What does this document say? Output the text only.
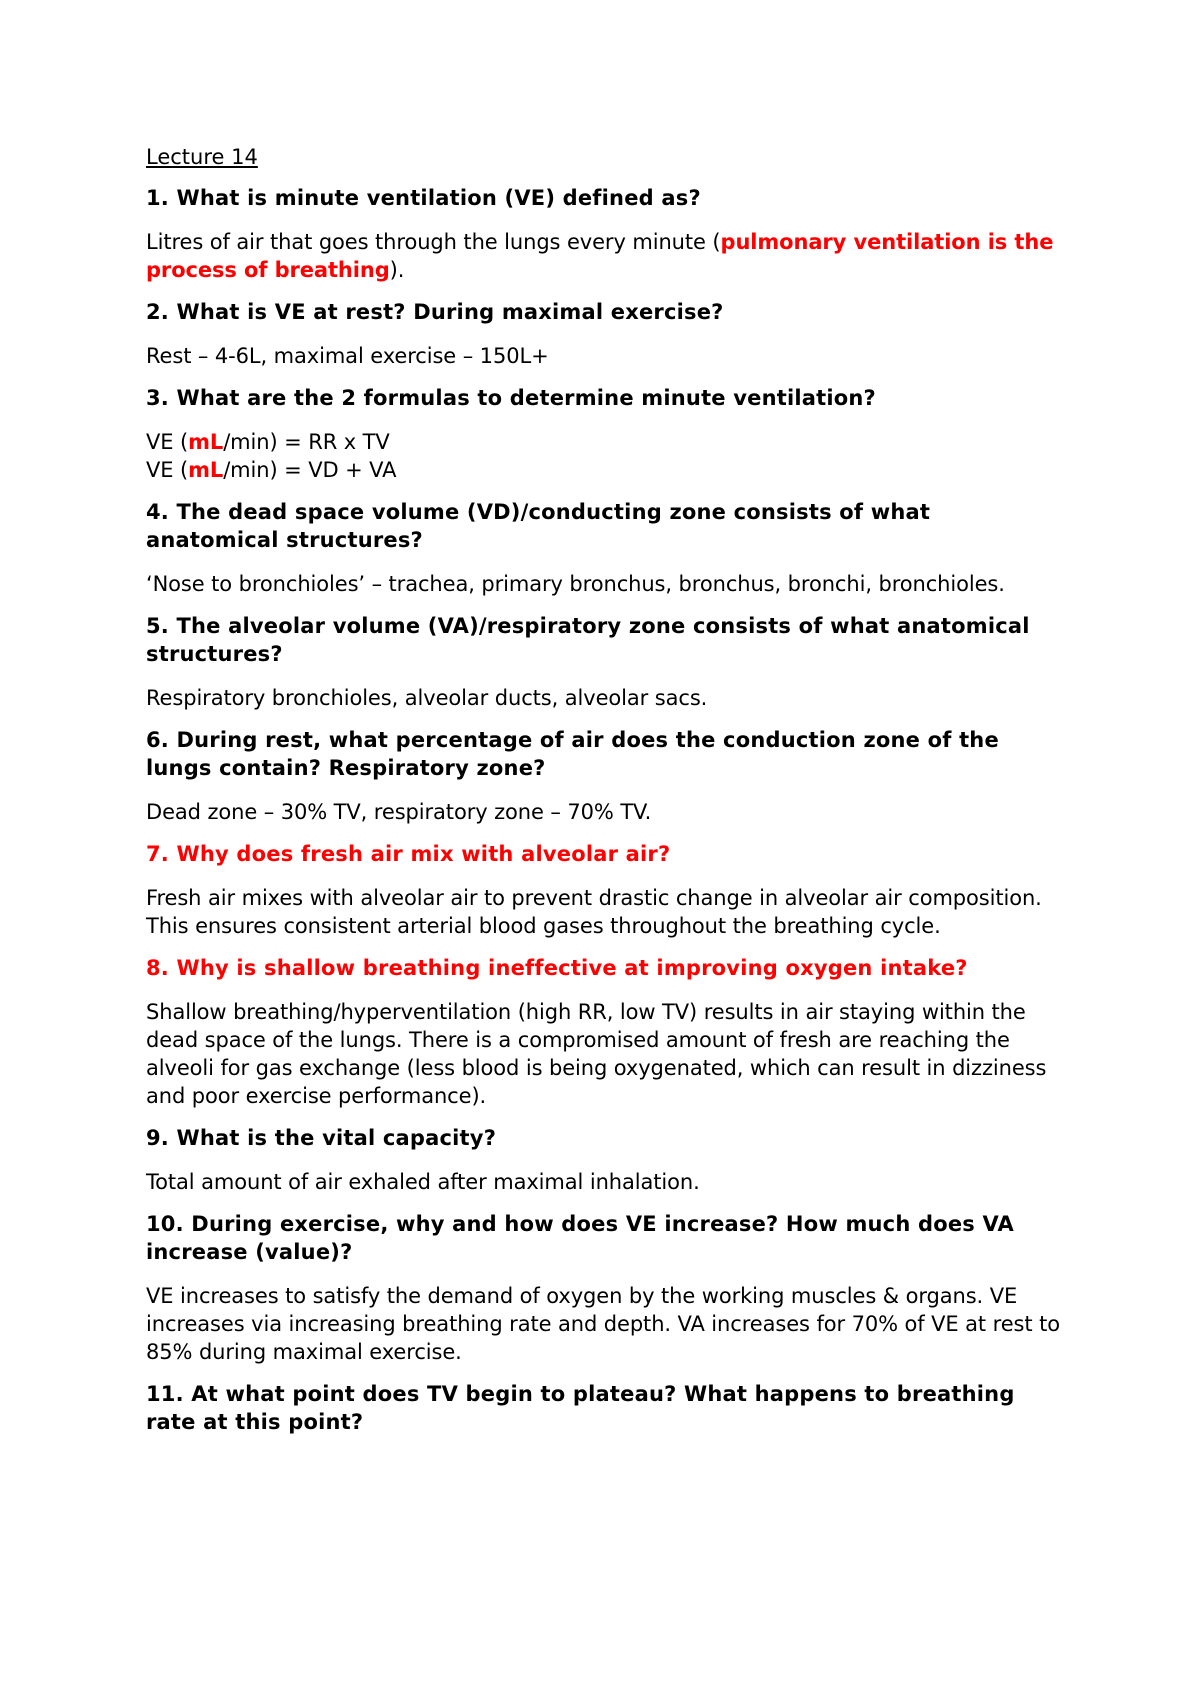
Lecture 14
1. What is minute ventilation (VE) defined as?
Litres of air that goes through the lungs every minute (pulmonary ventilation is the process of breathing).
2. What is VE at rest? During maximal exercise?
Rest – 4-6L, maximal exercise – 150L+
3. What are the 2 formulas to determine minute ventilation?
VE (mL/min) = RR x TV
VE (mL/min) = VD + VA
4. The dead space volume (VD)/conducting zone consists of what anatomical structures?
‘Nose to bronchioles’ – trachea, primary bronchus, bronchus, bronchi, bronchioles.
5. The alveolar volume (VA)/respiratory zone consists of what anatomical structures?
Respiratory bronchioles, alveolar ducts, alveolar sacs.
6. During rest, what percentage of air does the conduction zone of the lungs contain? Respiratory zone?
Dead zone – 30% TV, respiratory zone – 70% TV.
7. Why does fresh air mix with alveolar air?
Fresh air mixes with alveolar air to prevent drastic change in alveolar air composition. This ensures consistent arterial blood gases throughout the breathing cycle.
8. Why is shallow breathing ineffective at improving oxygen intake?
Shallow breathing/hyperventilation (high RR, low TV) results in air staying within the dead space of the lungs. There is a compromised amount of fresh are reaching the alveoli for gas exchange (less blood is being oxygenated, which can result in dizziness and poor exercise performance).
9. What is the vital capacity?
Total amount of air exhaled after maximal inhalation.
10. During exercise, why and how does VE increase? How much does VA increase (value)?
VE increases to satisfy the demand of oxygen by the working muscles & organs. VE increases via increasing breathing rate and depth. VA increases for 70% of VE at rest to 85% during maximal exercise.
11. At what point does TV begin to plateau? What happens to breathing rate at this point?
